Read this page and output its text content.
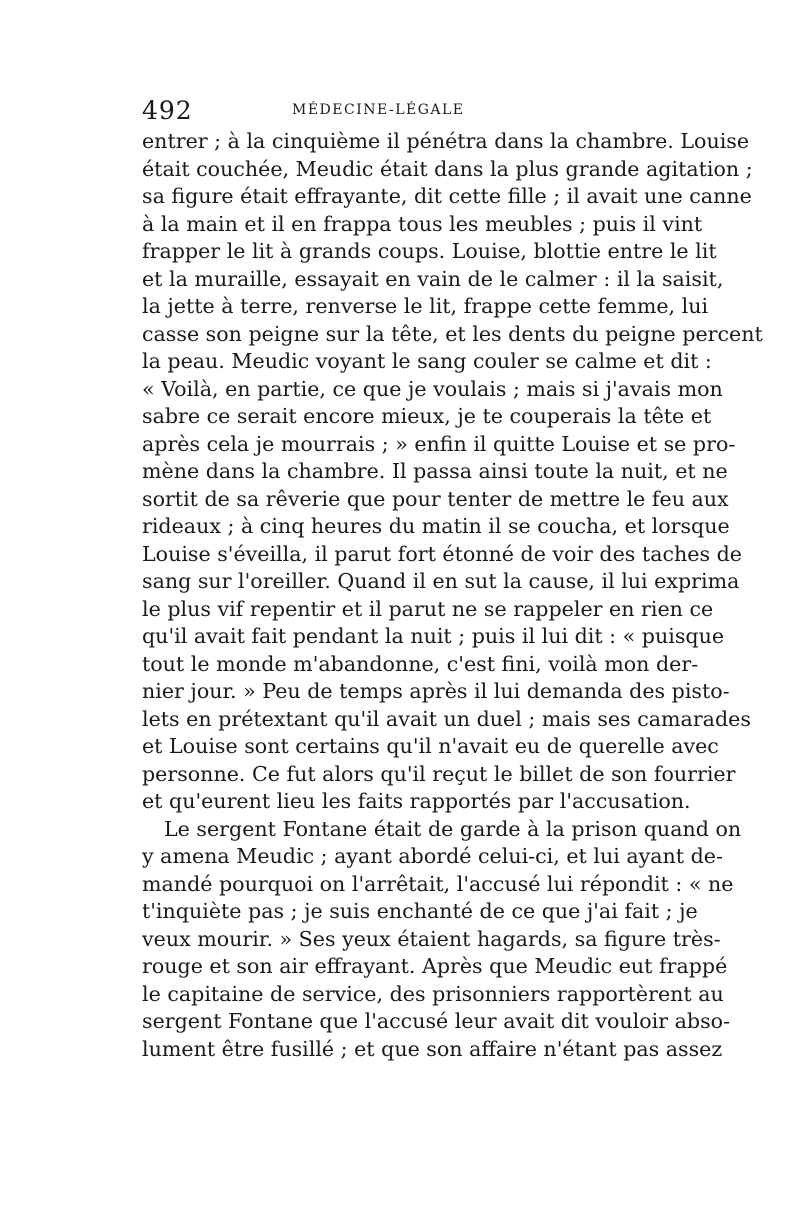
492	MÉDECINE-LÉGALE
entrer ; à la cinquième il pénétra dans la chambre. Louise
était couchée, Meudic était dans la plus grande agitation ;
sa figure était effrayante, dit cette fille ; il avait une canne
à la main et il en frappa tous les meubles ; puis il vint
frapper le lit à grands coups. Louise, blottie entre le lit
et la muraille, essayait en vain de le calmer : il la saisit,
la jette à terre, renverse le lit, frappe cette femme, lui
casse son peigne sur la tête, et les dents du peigne percent
la peau. Meudic voyant le sang couler se calme et dit :
« Voilà, en partie, ce que je voulais ; mais si j'avais mon
sabre ce serait encore mieux, je te couperais la tête et
après cela je mourrais ; » enfin il quitte Louise et se pro-
mène dans la chambre. Il passa ainsi toute la nuit, et ne
sortit de sa rêverie que pour tenter de mettre le feu aux
rideaux ; à cinq heures du matin il se coucha, et lorsque
Louise s'éveilla, il parut fort étonné de voir des taches de
sang sur l'oreiller. Quand il en sut la cause, il lui exprima
le plus vif repentir et il parut ne se rappeler en rien ce
qu'il avait fait pendant la nuit ; puis il lui dit : « puisque
tout le monde m'abandonne, c'est fini, voilà mon der-
nier jour. » Peu de temps après il lui demanda des pisto-
lets en prétextant qu'il avait un duel ; mais ses camarades
et Louise sont certains qu'il n'avait eu de querelle avec
personne. Ce fut alors qu'il reçut le billet de son fourrier
et qu'eurent lieu les faits rapportés par l'accusation.
Le sergent Fontane était de garde à la prison quand on
y amena Meudic ; ayant abordé celui-ci, et lui ayant de-
mandé pourquoi on l'arrêtait, l'accusé lui répondit : « ne
t'inquiète pas ; je suis enchanté de ce que j'ai fait ; je
veux mourir. » Ses yeux étaient hagards, sa figure très-
rouge et son air effrayant. Après que Meudic eut frappé
le capitaine de service, des prisonniers rapportèrent au
sergent Fontane que l'accusé leur avait dit vouloir abso-
lument être fusillé ; et que son affaire n'étant pas assez
